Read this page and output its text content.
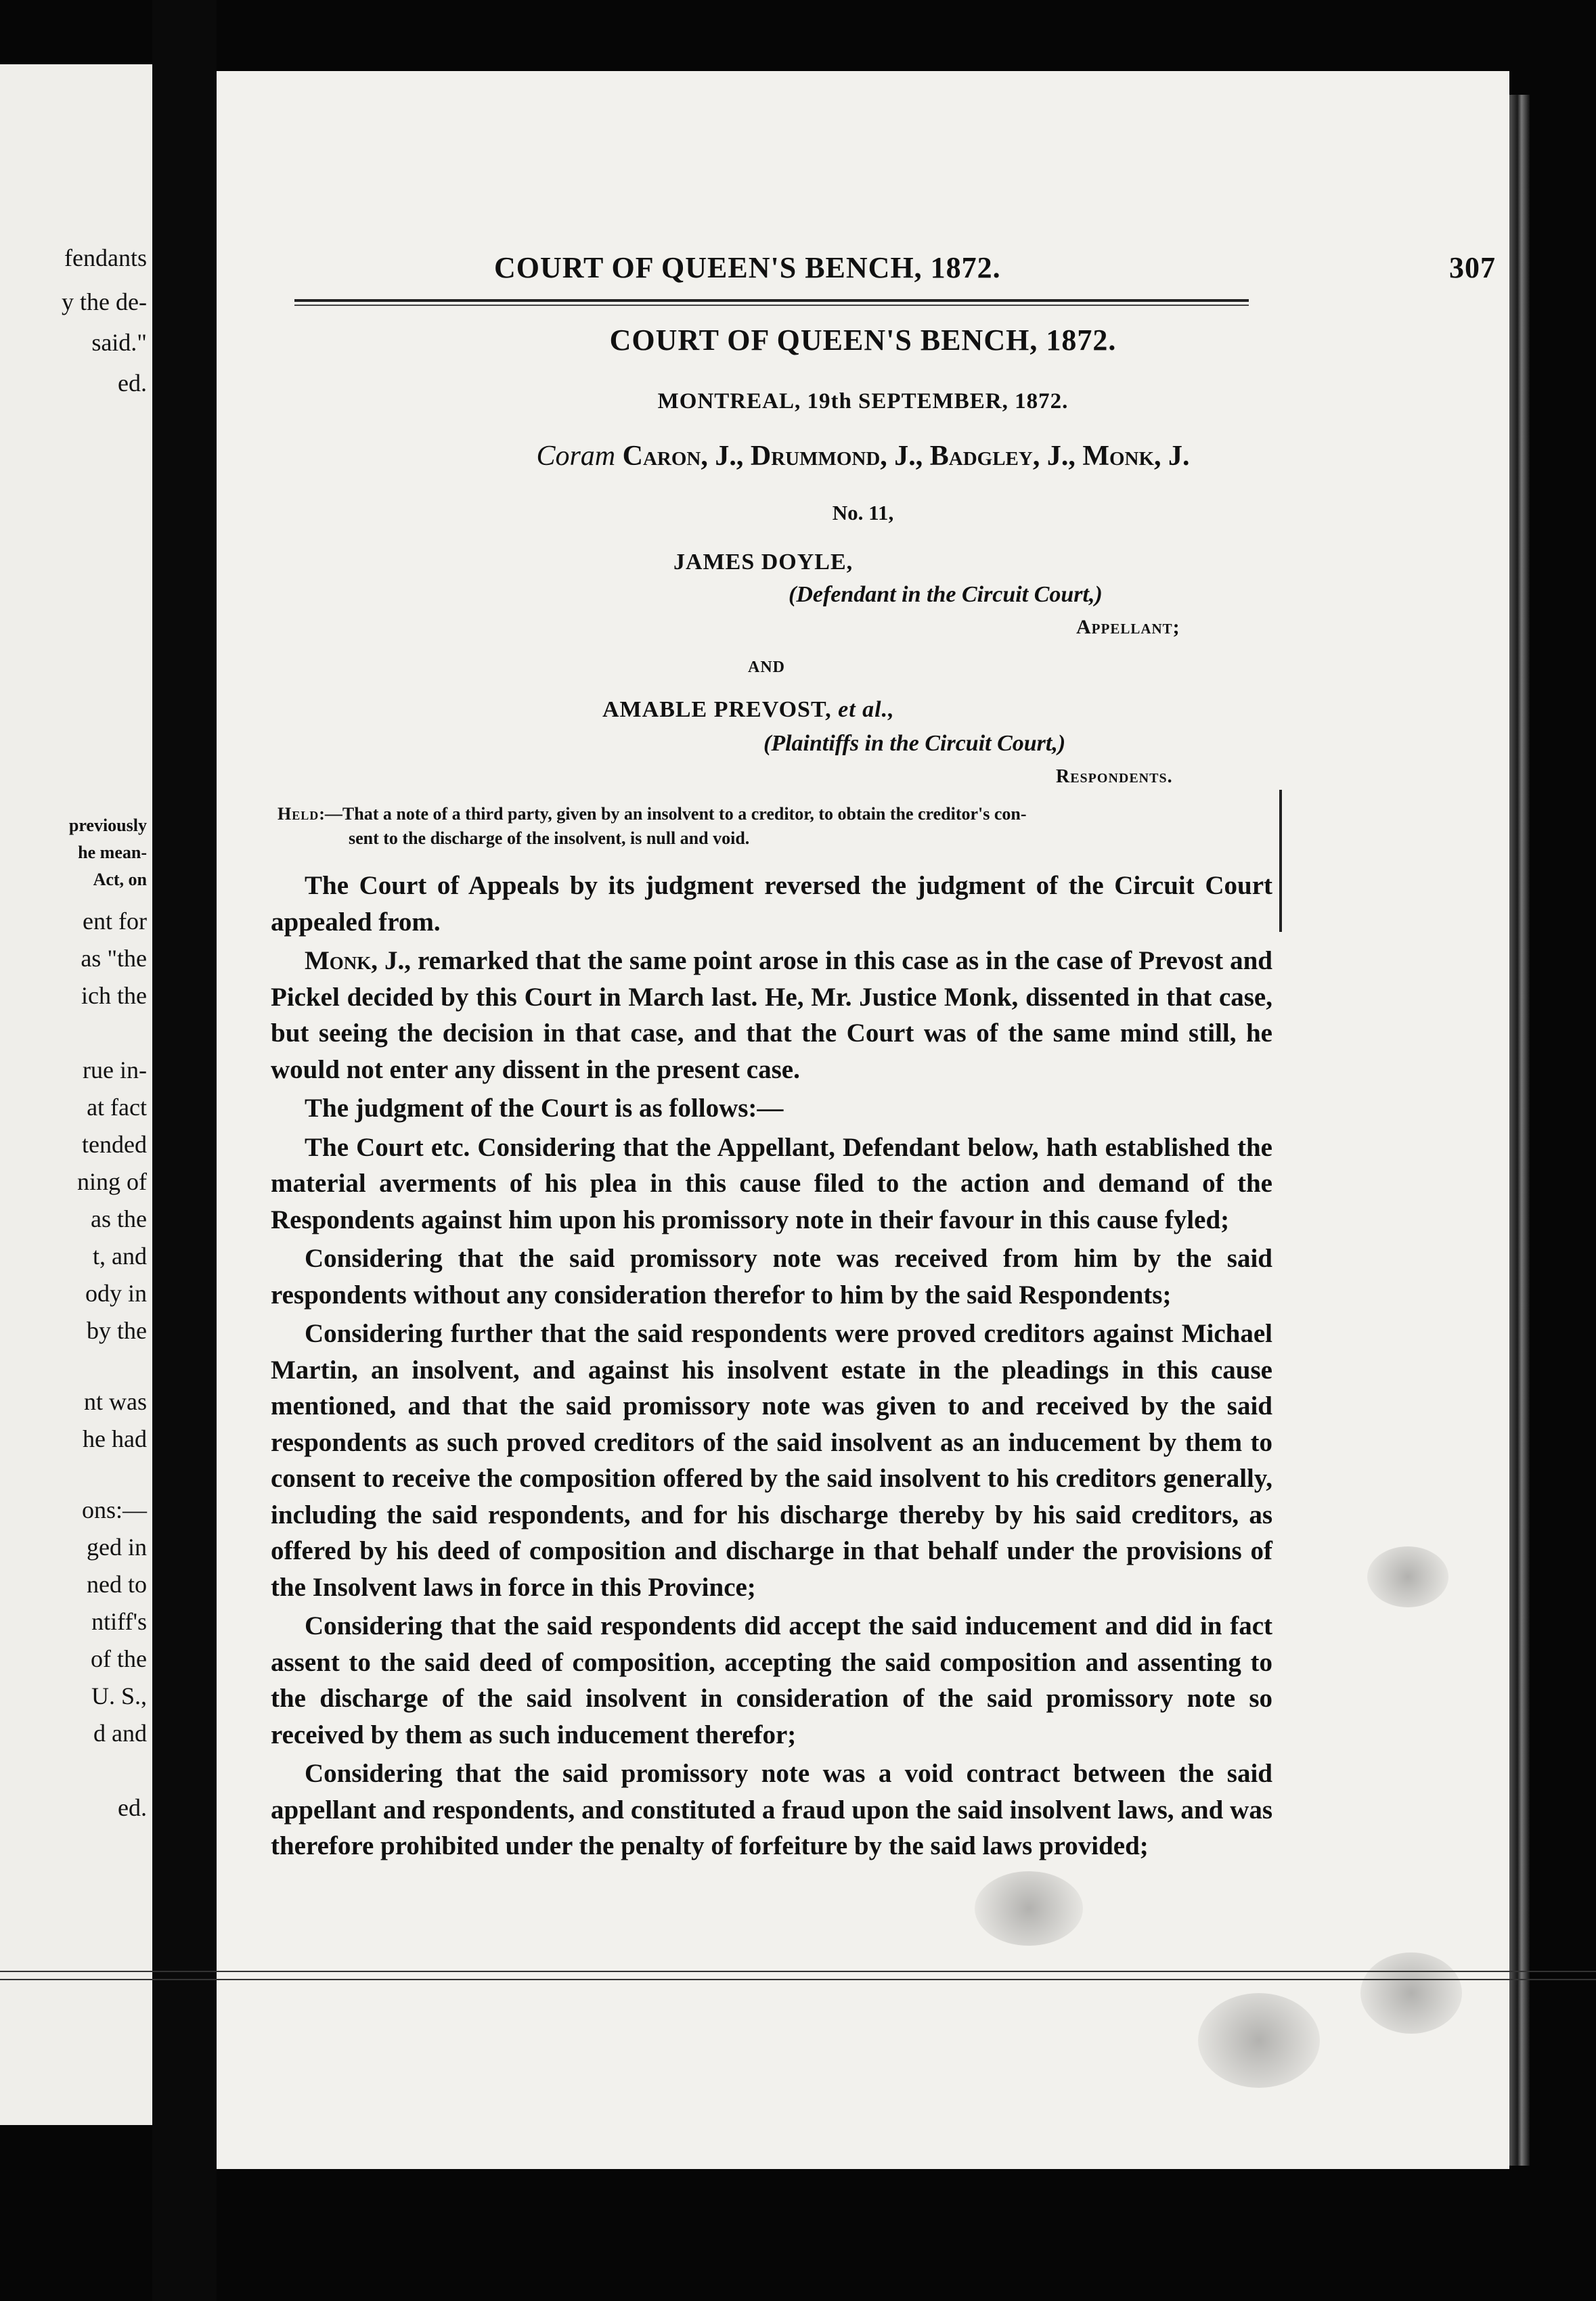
fendants
y the de-
said."
ed.
previously
he mean-
Act, on
ent for
as "the
ich the
rue in-
at fact
tended
ning of
as the
t, and
ody in
by the
nt was
he had
ons:—
ged in
ned to
ntiff's
of the
U. S.,
d and
ed.
COURT OF QUEEN'S BENCH, 1872.	307
COURT OF QUEEN'S BENCH, 1872.
MONTREAL, 19th SEPTEMBER, 1872.
Coram Caron, J., Drummond, J., Badgley, J., Monk, J.
No. 11,
JAMES DOYLE,
(Defendant in the Circuit Court,)
Appellant;
AND
AMABLE PREVOST, et al.,
(Plaintiffs in the Circuit Court,)
Respondents.
Held:—That a note of a third party, given by an insolvent to a creditor, to obtain the creditor's con-
sent to the discharge of the insolvent, is null and void.

The Court of Appeals by its judgment reversed the judgment of the Circuit Court appealed from.

Monk, J., remarked that the same point arose in this case as in the case of Prevost and Pickel decided by this Court in March last. He, Mr. Justice Monk, dissented in that case, but seeing the decision in that case, and that the Court was of the same mind still, he would not enter any dissent in the present case.

The judgment of the Court is as follows:—

The Court etc. Considering that the Appellant, Defendant below, hath established the material averments of his plea in this cause filed to the action and demand of the Respondents against him upon his promissory note in their favour in this cause fyled;

Considering that the said promissory note was received from him by the said respondents without any consideration therefor to him by the said Respondents;

Considering further that the said respondents were proved creditors against Michael Martin, an insolvent, and against his insolvent estate in the pleadings in this cause mentioned, and that the said promissory note was given to and received by the said respondents as such proved creditors of the said insolvent as an inducement by them to consent to receive the composition offered by the said insolvent to his creditors generally, including the said respondents, and for his discharge thereby by his said creditors, as offered by his deed of composition and discharge in that behalf under the provisions of the Insolvent laws in force in this Province;

Considering that the said respondents did accept the said inducement and did in fact assent to the said deed of composition, accepting the said composition and assenting to the discharge of the said insolvent in consideration of the said promissory note so received by them as such inducement therefor;

Considering that the said promissory note was a void contract between the said appellant and respondents, and constituted a fraud upon the said insolvent laws, and was therefore prohibited under the penalty of forfeiture by the said laws provided;
